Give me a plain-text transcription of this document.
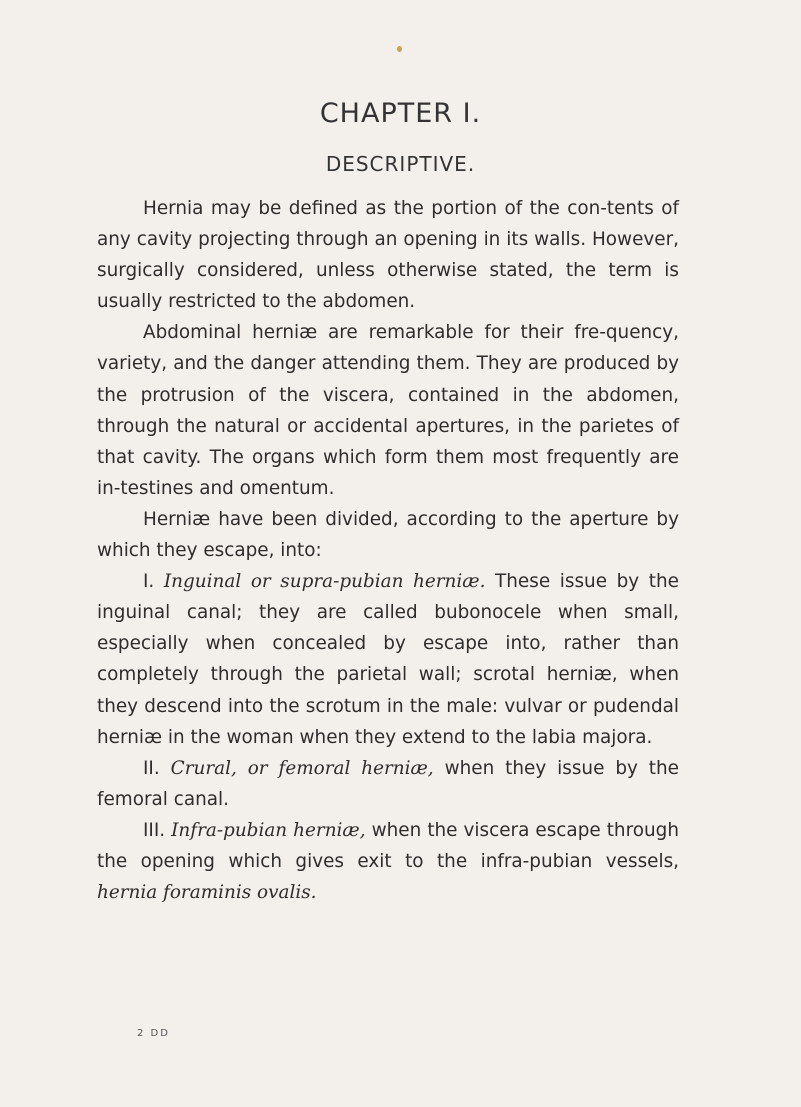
CHAPTER I.
DESCRIPTIVE.

Hernia may be defined as the portion of the con-tents of any cavity projecting through an opening in its walls. However, surgically considered, unless otherwise stated, the term is usually restricted to the abdomen.

Abdominal herniæ are remarkable for their fre-quency, variety, and the danger attending them. They are produced by the protrusion of the viscera, contained in the abdomen, through the natural or accidental apertures, in the parietes of that cavity. The organs which form them most frequently are in-testines and omentum.

Herniæ have been divided, according to the aperture by which they escape, into:

I. Inguinal or supra-pubian herniæ. These issue by the inguinal canal; they are called bubonocele when small, especially when concealed by escape into, rather than completely through the parietal wall; scrotal herniæ, when they descend into the scrotum in the male: vulvar or pudendal herniæ in the woman when they extend to the labia majora.

II. Crural, or femoral herniæ, when they issue by the femoral canal.

III. Infra-pubian herniæ, when the viscera escape through the opening which gives exit to the infra-pubian vessels, hernia foraminis ovalis.

2 DD
